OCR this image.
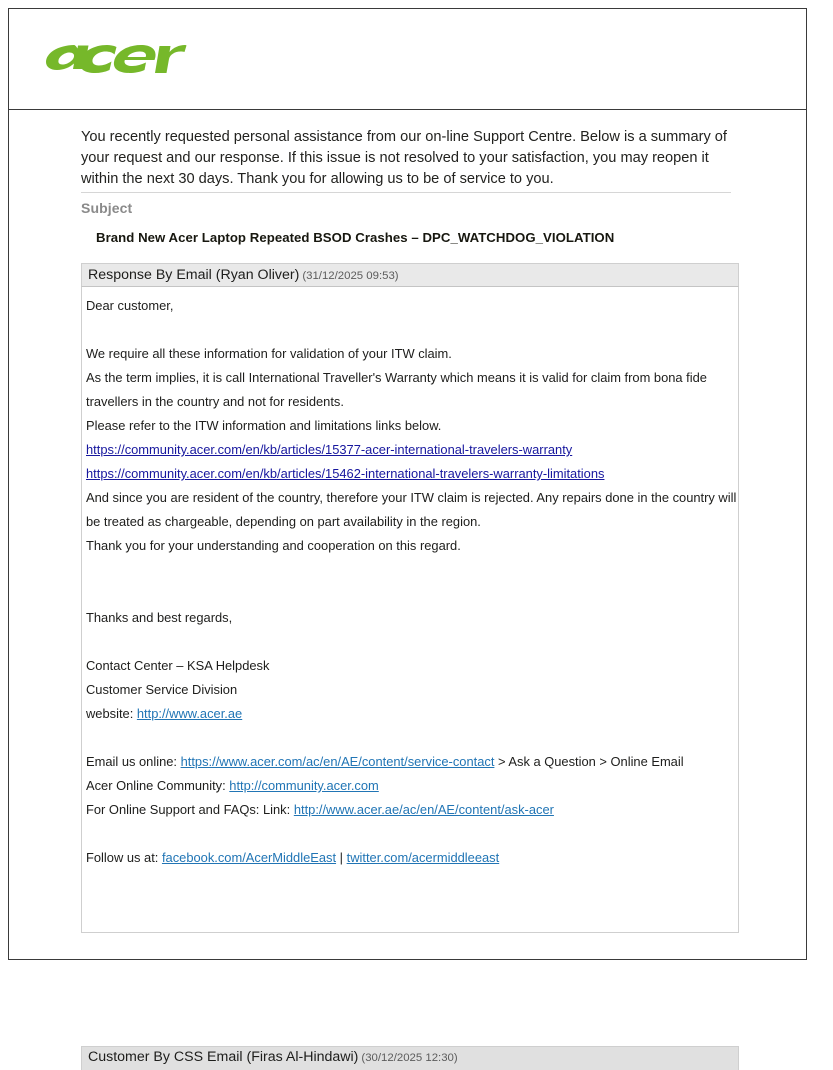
You recently requested personal assistance from our on-line Support Centre. Below is a summary of your request and our response. If this issue is not resolved to your satisfaction, you may reopen it within the next 30 days. Thank you for allowing us to be of service to you.
Subject
Brand New Acer Laptop Repeated BSOD Crashes – DPC_WATCHDOG_VIOLATION
Response By Email (Ryan Oliver) (31/12/2025 09:53)
Dear customer,
We require all these information for validation of your ITW claim.
As the term implies, it is call International Traveller's Warranty which means it is valid for claim from bona fide travellers in the country and not for residents.
Please refer to the ITW information and limitations links below.
https://community.acer.com/en/kb/articles/15377-acer-international-travelers-warranty
https://community.acer.com/en/kb/articles/15462-international-travelers-warranty-limitations
And since you are resident of the country, therefore your ITW claim is rejected. Any repairs done in the country will be treated as chargeable, depending on part availability in the region.
Thank you for your understanding and cooperation on this regard.
Thanks and best regards,
Contact Center – KSA Helpdesk
Customer Service Division
website: http://www.acer.ae
Email us online: https://www.acer.com/ac/en/AE/content/service-contact > Ask a Question > Online Email
Acer Online Community: http://community.acer.com
For Online Support and FAQs: Link: http://www.acer.ae/ac/en/AE/content/ask-acer
Follow us at: facebook.com/AcerMiddleEast | twitter.com/acermiddleeast
Customer By CSS Email (Firas Al-Hindawi) (30/12/2025 12:30)
